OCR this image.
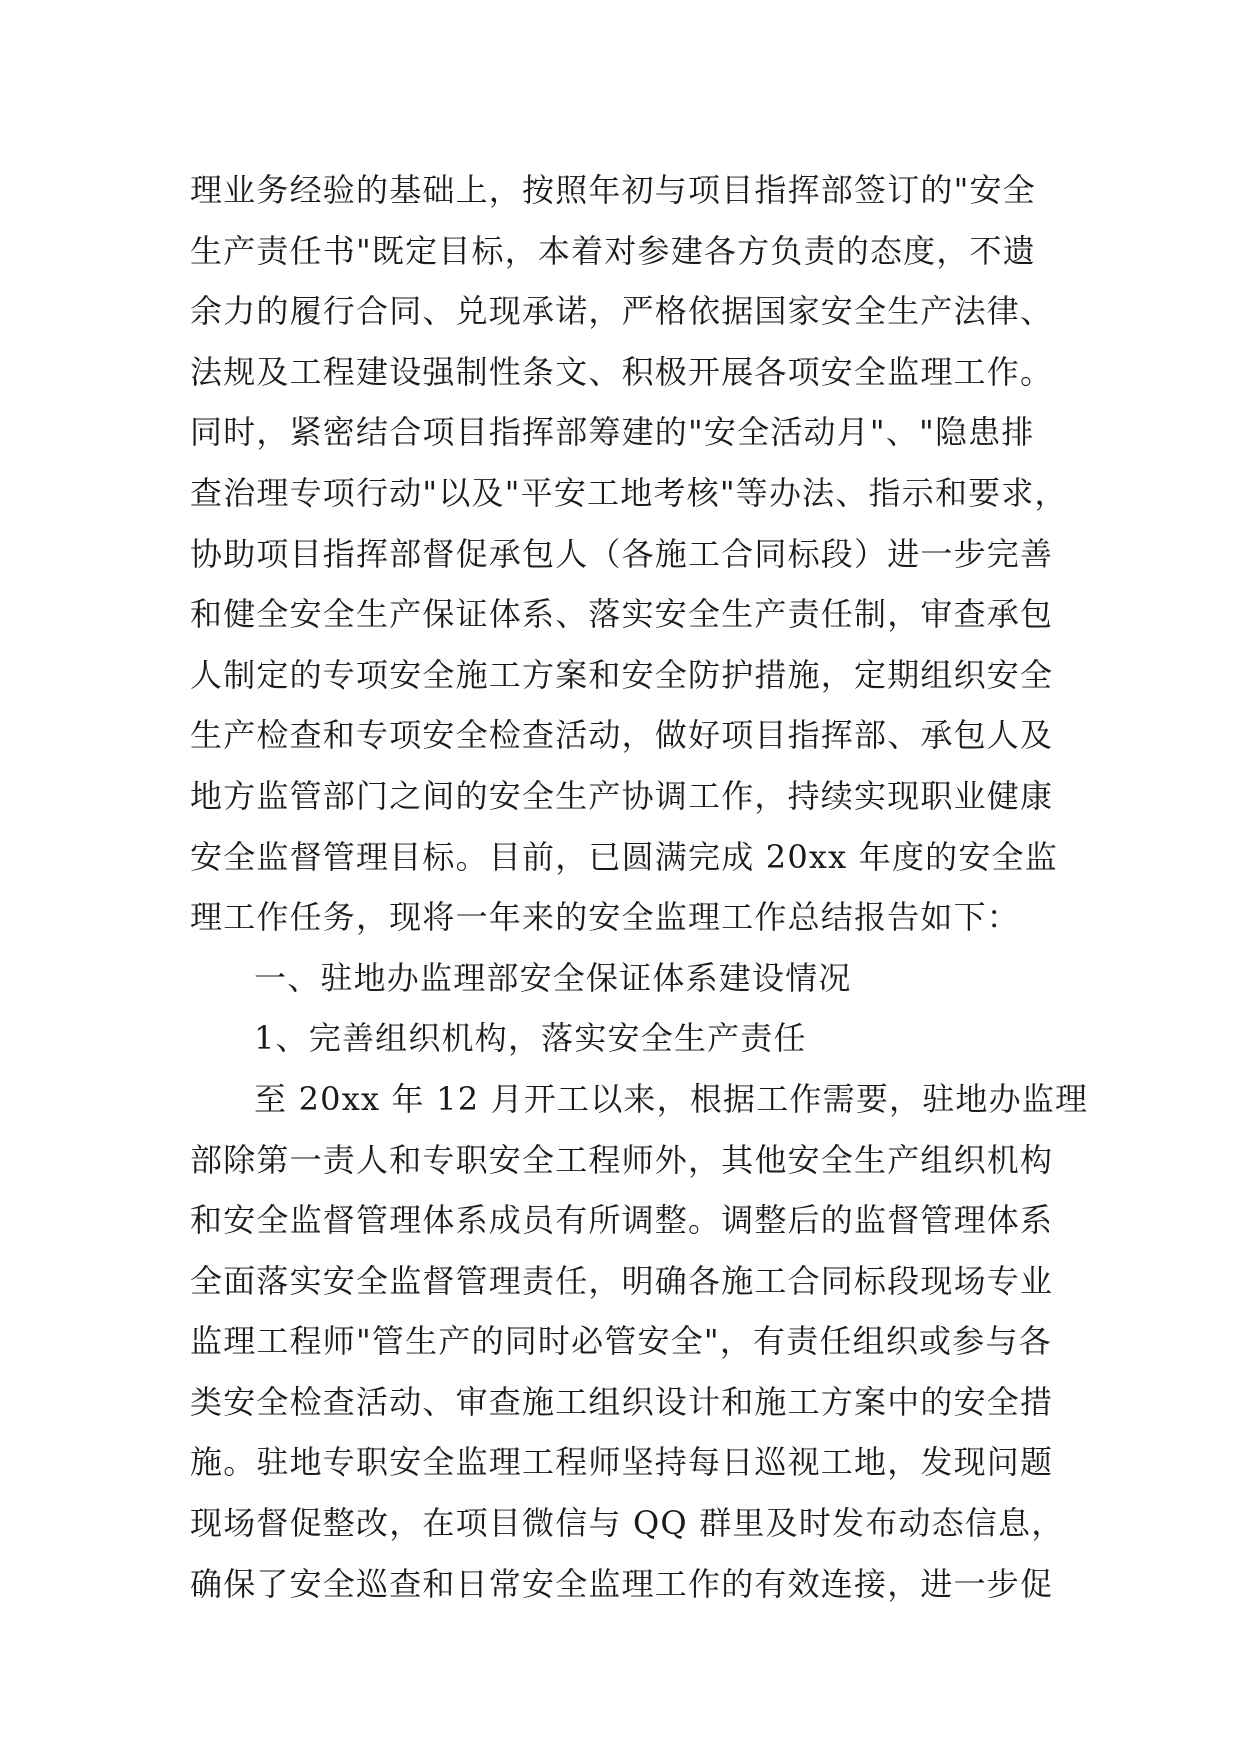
理业务经验的基础上，按照年初与项目指挥部签订的"安全
生产责任书"既定目标，本着对参建各方负责的态度，不遗
余力的履行合同、兑现承诺，严格依据国家安全生产法律、
法规及工程建设强制性条文、积极开展各项安全监理工作。
同时，紧密结合项目指挥部筹建的"安全活动月"、"隐患排
查治理专项行动"以及"平安工地考核"等办法、指示和要求，
协助项目指挥部督促承包人（各施工合同标段）进一步完善
和健全安全生产保证体系、落实安全生产责任制，审查承包
人制定的专项安全施工方案和安全防护措施，定期组织安全
生产检查和专项安全检查活动，做好项目指挥部、承包人及
地方监管部门之间的安全生产协调工作，持续实现职业健康
安全监督管理目标。目前，已圆满完成 20xx 年度的安全监
理工作任务，现将一年来的安全监理工作总结报告如下：
一、驻地办监理部安全保证体系建设情况
1、完善组织机构，落实安全生产责任
至 20xx 年 12 月开工以来，根据工作需要，驻地办监理
部除第一责人和专职安全工程师外，其他安全生产组织机构
和安全监督管理体系成员有所调整。调整后的监督管理体系
全面落实安全监督管理责任，明确各施工合同标段现场专业
监理工程师"管生产的同时必管安全"，有责任组织或参与各
类安全检查活动、审查施工组织设计和施工方案中的安全措
施。驻地专职安全监理工程师坚持每日巡视工地，发现问题
现场督促整改，在项目微信与 QQ 群里及时发布动态信息，
确保了安全巡查和日常安全监理工作的有效连接，进一步促
